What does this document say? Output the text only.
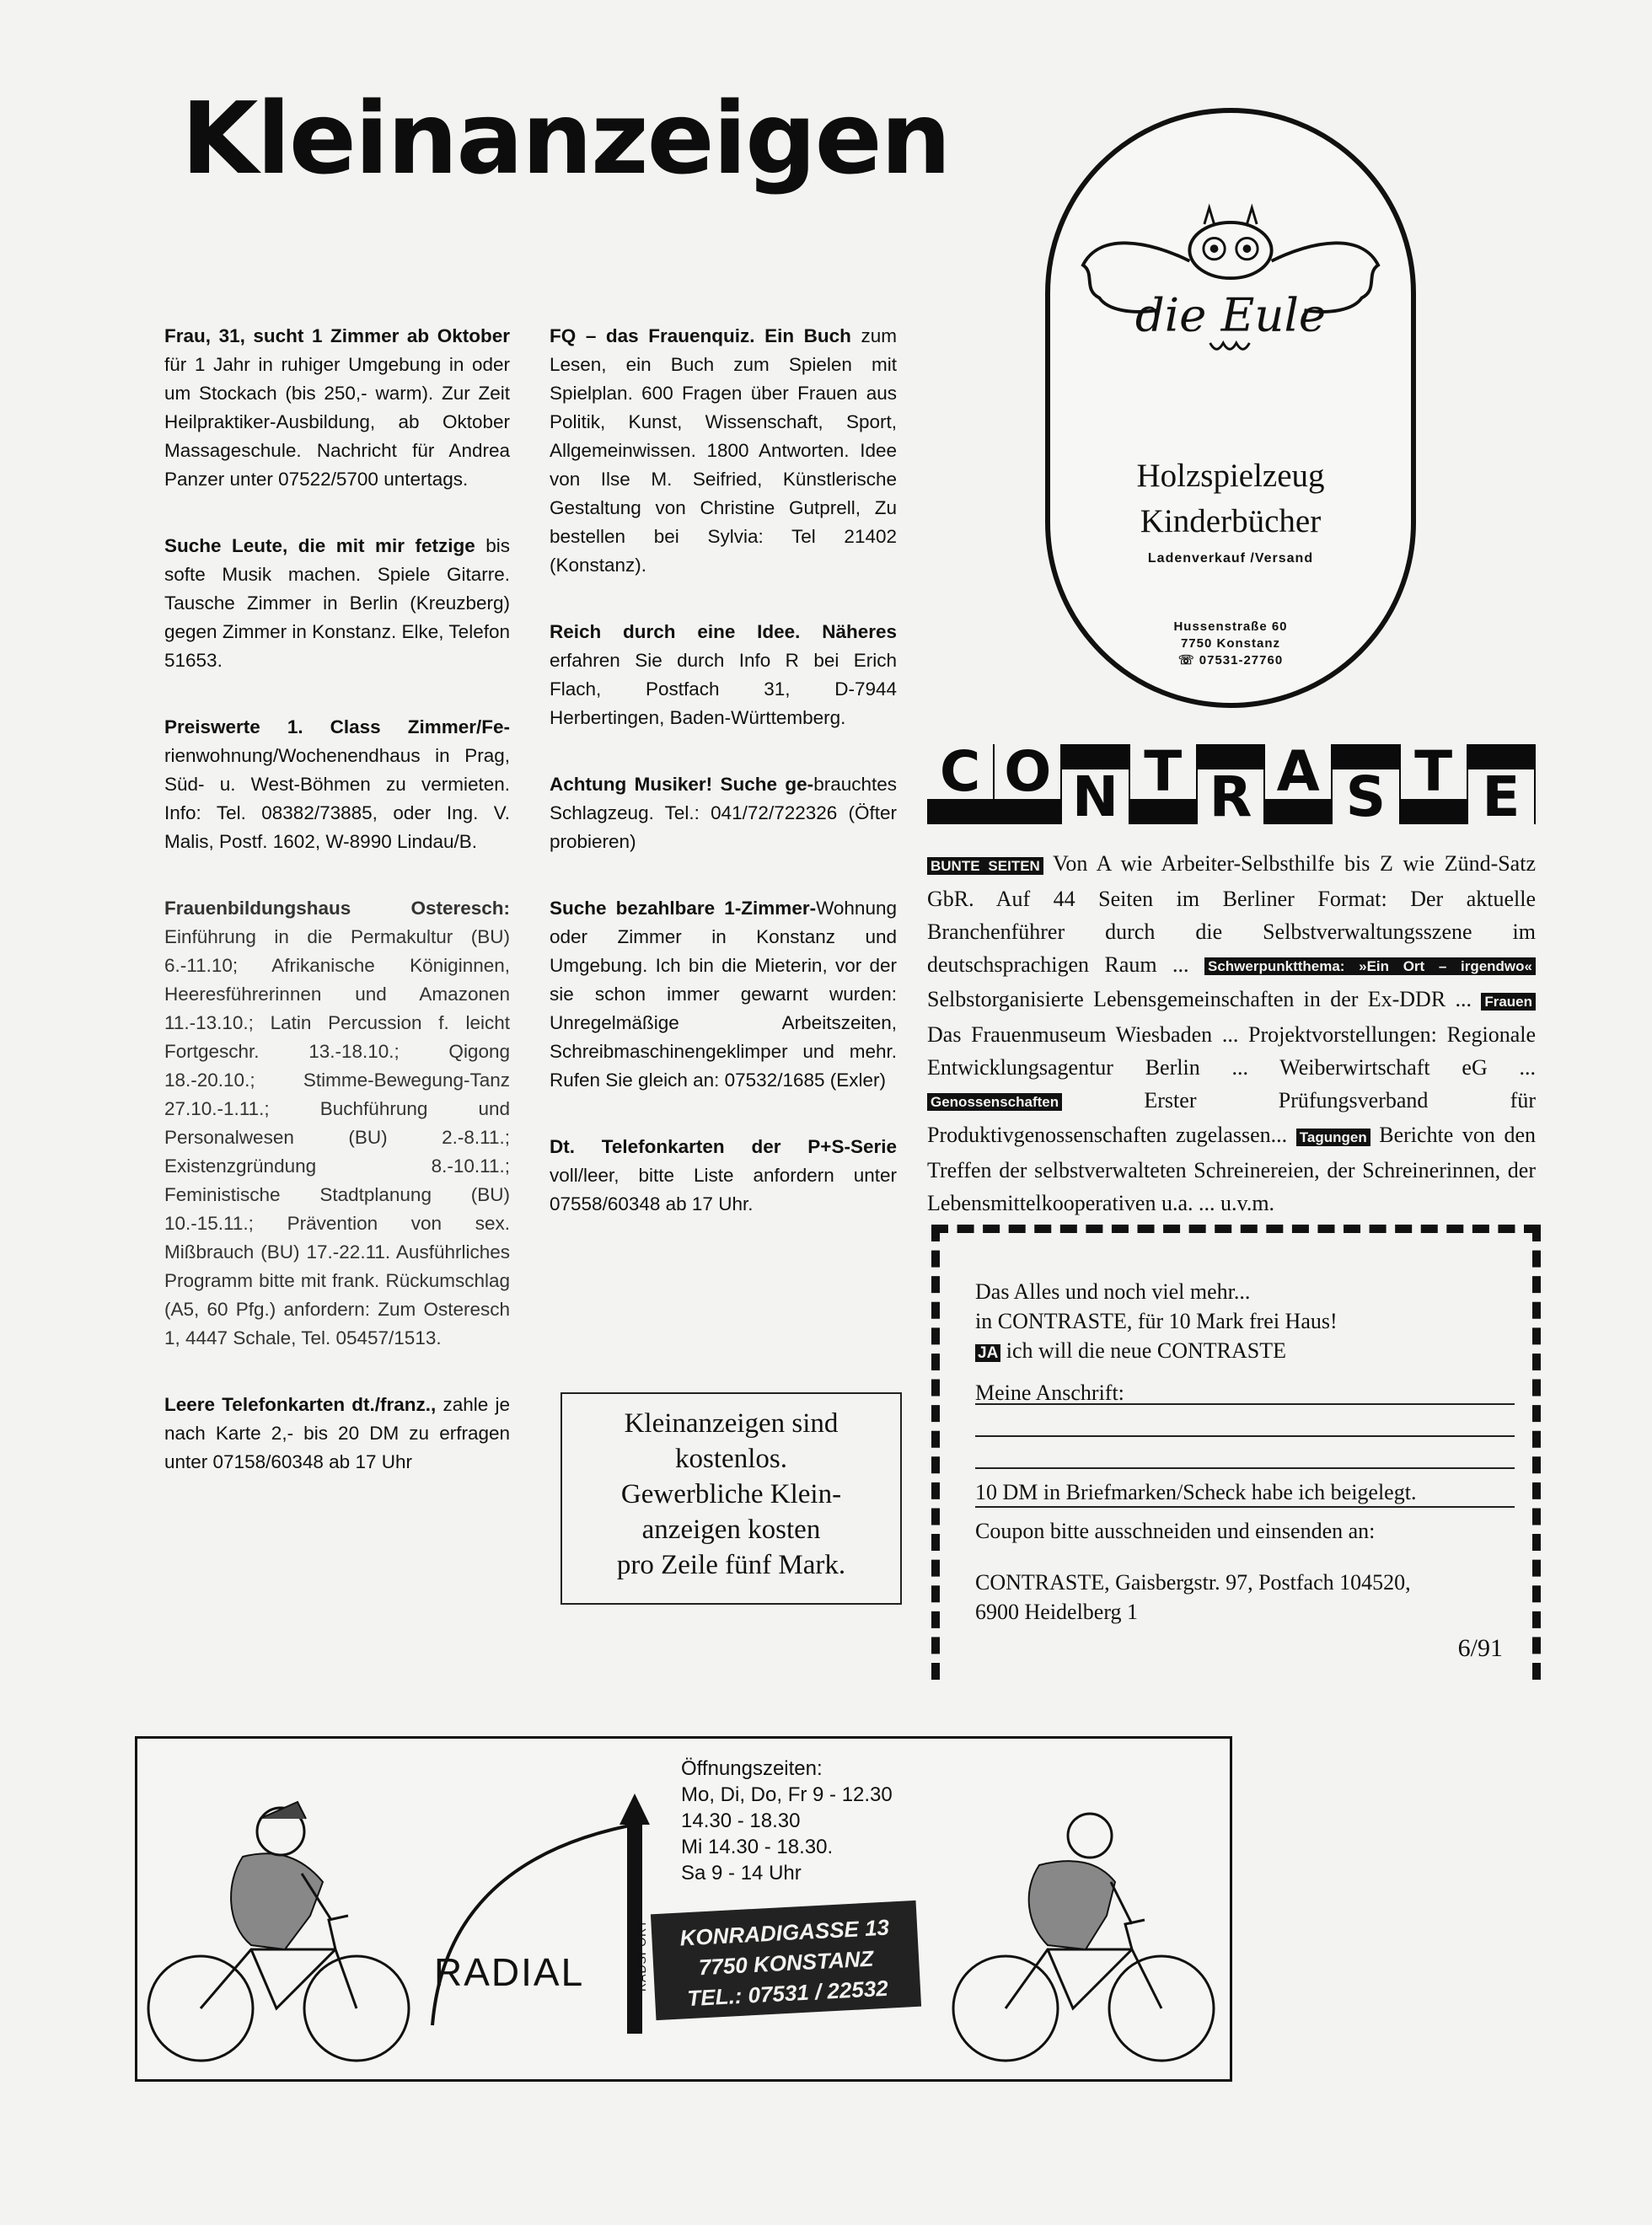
Kleinanzeigen

Frau, 31, sucht 1 Zimmer ab Oktober für 1 Jahr in ruhiger Umgebung in oder um Stockach (bis 250,- warm). Zur Zeit Heilpraktiker-Ausbildung, ab Oktober Massageschule. Nachricht für Andrea Panzer unter 07522/5700 untertags.

Suche Leute, die mit mir fetzige bis softe Musik machen. Spiele Gitarre. Tausche Zimmer in Berlin (Kreuzberg) gegen Zimmer in Konstanz. Elke, Telefon 51653.

Preiswerte 1. Class Zimmer/Fe-rienwohnung/Wochenendhaus in Prag, Süd- u. West-Böhmen zu vermieten. Info: Tel. 08382/73885, oder Ing. V. Malis, Postf. 1602, W-8990 Lindau/B.

Frauenbildungshaus Osteresch: Einführung in die Permakultur (BU) 6.-11.10; Afrikanische Königinnen, Heeresführerinnen und Amazonen 11.-13.10.; Latin Percussion f. leicht Fortgeschr. 13.-18.10.; Qigong 18.-20.10.; Stimme-Bewegung-Tanz 27.10.-1.11.; Buchführung und Personalwesen (BU) 2.-8.11.; Existenzgründung 8.-10.11.; Feministische Stadtplanung (BU) 10.-15.11.; Prävention von sex. Mißbrauch (BU) 17.-22.11. Ausführliches Programm bitte mit frank. Rückumschlag (A5, 60 Pfg.) anfordern: Zum Osteresch 1, 4447 Schale, Tel. 05457/1513.

Leere Telefonkarten dt./franz., zahle je nach Karte 2,- bis 20 DM zu erfragen unter 07158/60348 ab 17 Uhr

FQ – das Frauenquiz. Ein Buch zum Lesen, ein Buch zum Spielen mit Spielplan. 600 Fragen über Frauen aus Politik, Kunst, Wissenschaft, Sport, Allgemeinwissen. 1800 Antworten. Idee von Ilse M. Seifried, Künstlerische Gestaltung von Christine Gutprell, Zu bestellen bei Sylvia: Tel 21402 (Konstanz).

Reich durch eine Idee. Näheres erfahren Sie durch Info R bei Erich Flach, Postfach 31, D-7944 Herbertingen, Baden-Württemberg.

Achtung Musiker! Suche ge-brauchtes Schlagzeug. Tel.: 041/72/722326 (Öfter probieren)

Suche bezahlbare 1-Zimmer-Wohnung oder Zimmer in Konstanz und Umgebung. Ich bin die Mieterin, vor der sie schon immer gewarnt wurden: Unregelmäßige Arbeitszeiten, Schreibmaschinengeklimper und mehr. Rufen Sie gleich an: 07532/1685 (Exler)

Dt. Telefonkarten der P+S-Serie voll/leer, bitte Liste anfordern unter 07558/60348 ab 17 Uhr.

Kleinanzeigen sind
kostenlos.
Gewerbliche Klein-
anzeigen kosten
pro Zeile fünf Mark.
die Eule
Holzspielzeug
Kinderbücher
Ladenverkauf /Versand
Hussenstraße 60
7750 Konstanz
☏ 07531-27760
C O N T R A S T E
BUNTE SEITEN Von A wie Arbeiter-Selbsthilfe bis Z wie Zünd-Satz GbR. Auf 44 Seiten im Berliner Format: Der aktuelle Branchenführer durch die Selbstverwaltungsszene im deutschsprachigen Raum ... Schwerpunktthema: »Ein Ort – irgendwo« Selbstorganisierte Lebensgemeinschaften in der Ex-DDR ... Frauen Das Frauenmuseum Wiesbaden ... Projektvorstellungen: Regionale Entwicklungsagentur Berlin ... Weiberwirtschaft eG ... Genossenschaften Erster Prüfungsverband für Produktivgenossenschaften zugelassen... Tagungen Berichte von den Treffen der selbstverwalteten Schreinereien, der Schreinerinnen, der Lebensmittelkooperativen u.a. ... u.v.m.
Das Alles und noch viel mehr...
in CONTRASTE, für 10 Mark frei Haus!
JA ich will die neue CONTRASTE
Meine Anschrift:
10 DM in Briefmarken/Scheck habe ich beigelegt.
Coupon bitte ausschneiden und einsenden an:
CONTRASTE, Gaisbergstr. 97, Postfach 104520,
6900 Heidelberg 1
6/91
RADIAL	RADSPORT
Öffnungszeiten:
Mo, Di, Do, Fr 9 - 12.30
14.30 - 18.30
Mi 14.30 - 18.30.
Sa 9 - 14 Uhr
KONRADIGASSE 13
7750 KONSTANZ
TEL.: 07531 / 22532
